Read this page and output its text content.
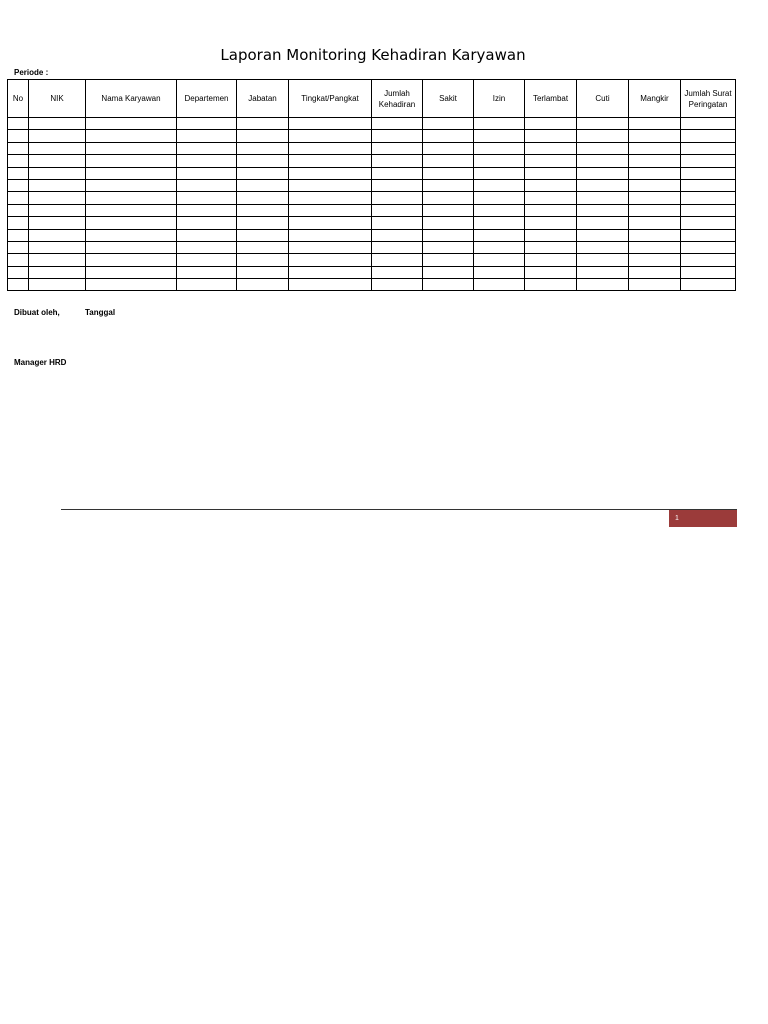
Laporan Monitoring Kehadiran Karyawan
Periode :
No	NIK	Nama Karyawan	Departemen	Jabatan	Tingkat/Pangkat	Jumlah Kehadiran	Sakit	Izin	Terlambat	Cuti	Mangkir	Jumlah Surat Peringatan

Dibuat oleh,	Tanggal
Manager HRD
1
